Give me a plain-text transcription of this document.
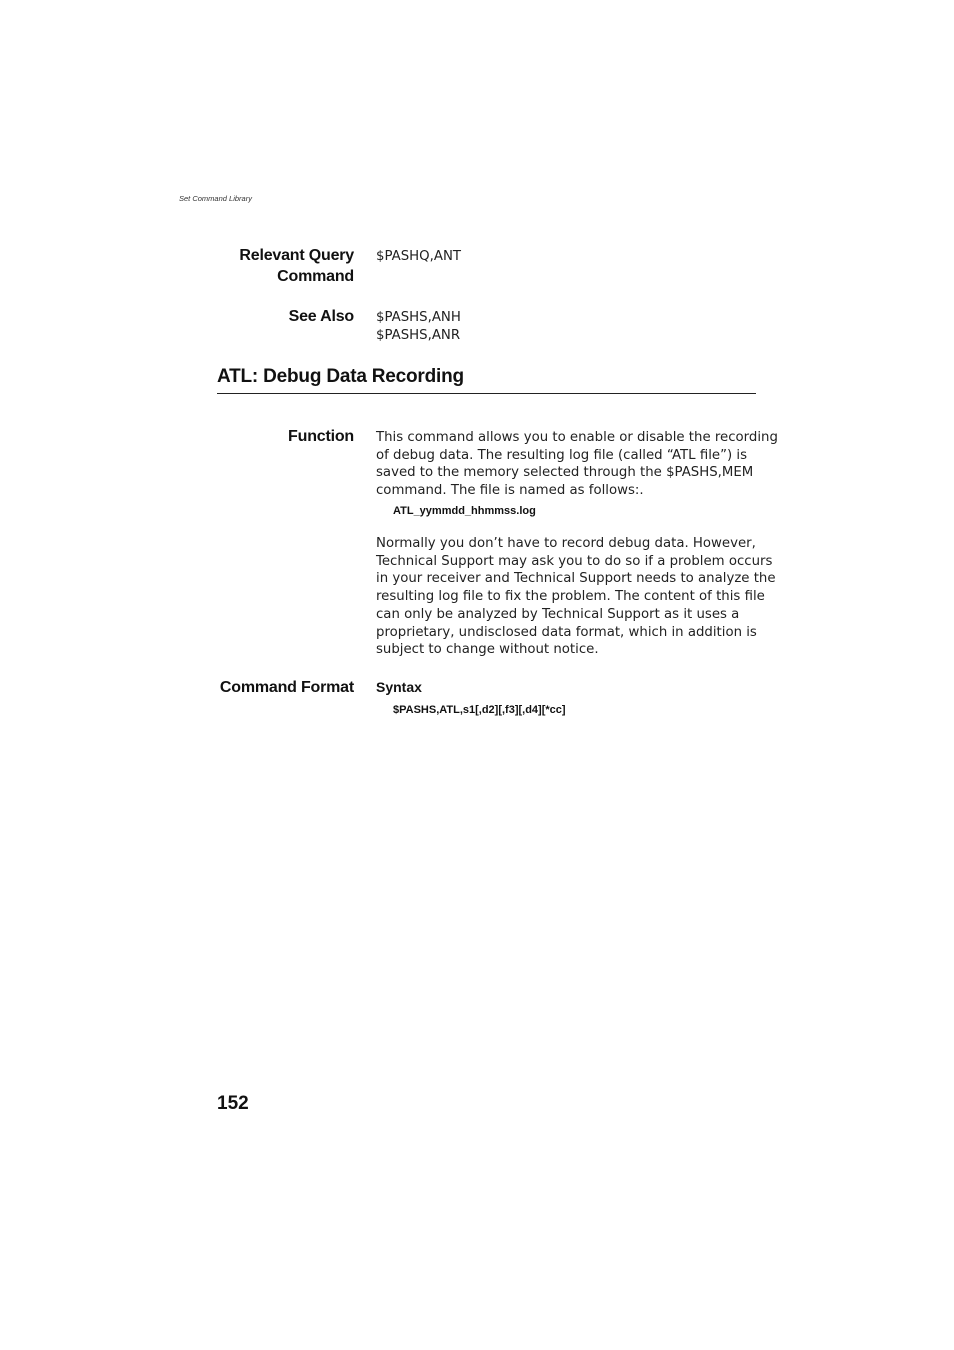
Set Command Library
Relevant Query
Command
$PASHQ,ANT
See Also $PASHS,ANH
$PASHS,ANR
ATL: Debug Data Recording
Function This command allows you to enable or disable the recording
of debug data. The resulting log file (called “ATL file”) is
saved to the memory selected through the $PASHS,MEM
command. The file is named as follows:.
ATL_yymmdd_hhmmss.log
Normally you don’t have to record debug data. However,
Technical Support may ask you to do so if a problem occurs
in your receiver and Technical Support needs to analyze the
resulting log file to fix the problem. The content of this file
can only be analyzed by Technical Support as it uses a
proprietary, undisclosed data format, which in addition is
subject to change without notice.
Command Format Syntax
$PASHS,ATL,s1[,d2][,f3][,d4][*cc]
152
